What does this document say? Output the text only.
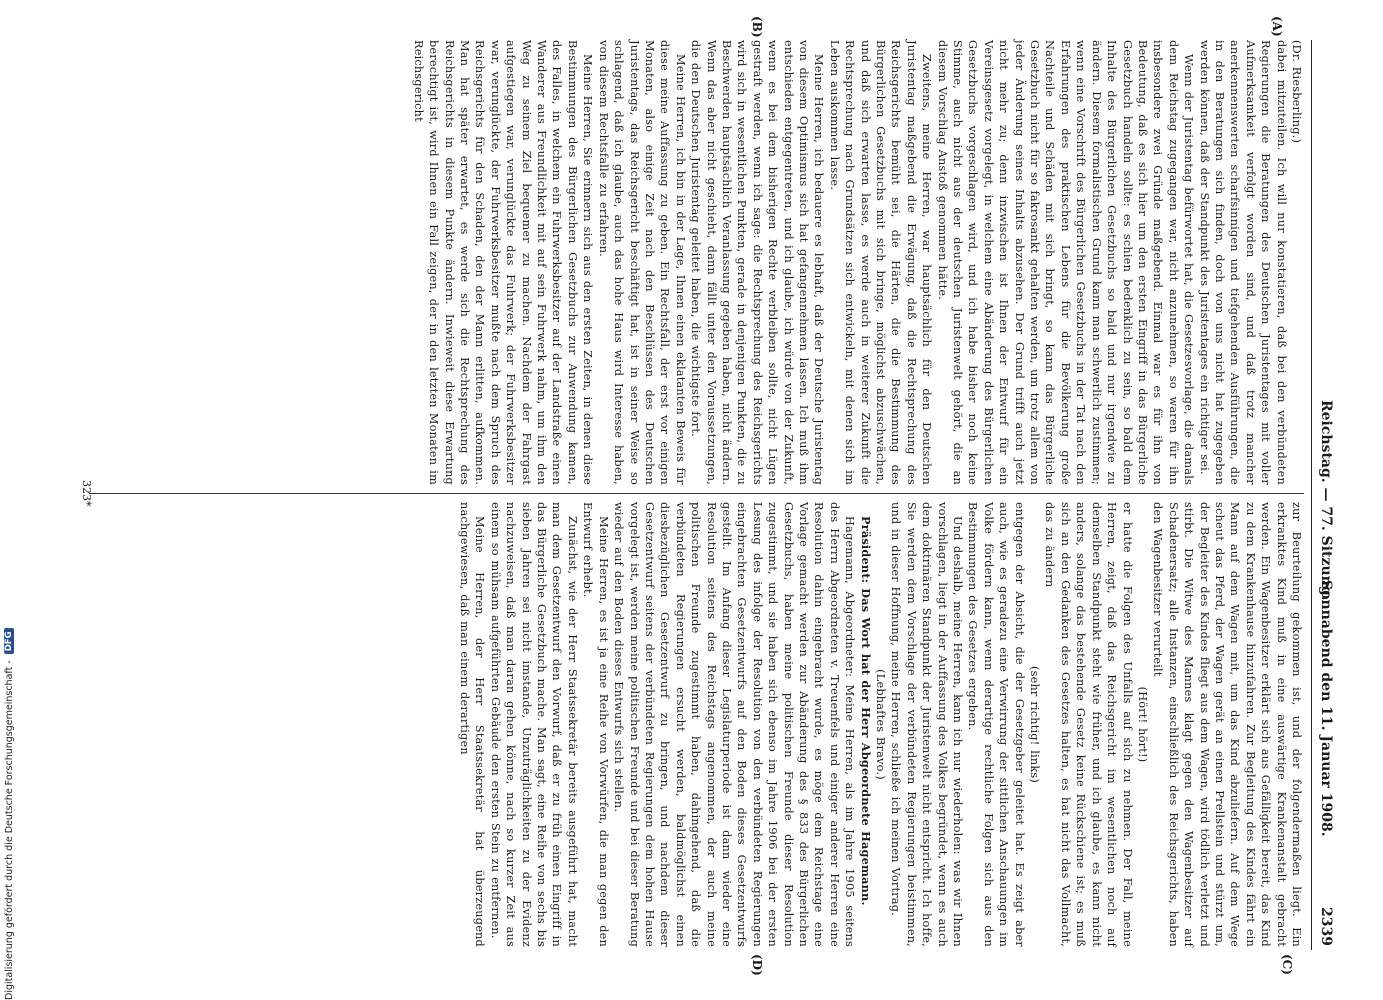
Reichstag. — 77. Sitzung.
Sonnabend den 11. Januar 1908.
2339
(A)
(B)
(C)
(D)

(Dr. Riesberling.)

dabei mitzuteilen. Ich will nur konstatieren, daß bei den verbündeten Regierungen die Beratungen des Deutschen Juristentages mit voller Aufmerksamkeit verfolgt worden sind, und daß trotz mancher anerkennenswerten scharfsinnigen und tiefgehenden Ausführungen, die in den Beratungen sich finden, doch von uns nicht hat zugegeben werden können, daß der Standpunkt des Juristentages ein richtiger sei.

Wenn der Juristentag befürwortet hat, die Gesetzesvorlage, die damals dem Reichstag zugegangen war, nicht anzunehmen, so waren für ihn insbesondere zwei Gründe maßgebend. Einmal war es für ihn von Bedeutung, daß es sich hier um den ersten Eingriff in das Bürgerliche Gesetzbuch handeln sollte: es schien bedenklich zu sein, so bald dem Inhalte des Bürgerlichen Gesetzbuchs so bald und nur irgendwie zu ändern. Diesem formalistischen Grund kann man schwerlich zustimmen; wenn eine Vorschrift des Bürgerlichen Gesetzbuchs in der Tat nach den Erfahrungen des praktischen Lebens für die Bevölkerung große Nachteile und Schäden mit sich bringt, so kann das Bürgerliche Gesetzbuch nicht für so fakrosankt gehalten werden, um trotz allem von jeder Änderung seines Inhalts abzusehen. Der Grund trifft auch jetzt nicht mehr zu; denn inzwischen ist Ihnen der Entwurf für ein Vereinsgesetz vorgelegt, in welchem eine Abänderung des Bürgerlichen Gesetzbuchs vorgeschlagen wird, und ich habe bisher noch keine Stimme, auch nicht aus der deutschen Juristenwelt gehört, die an diesem Vorschlag Anstoß genommen hätte.

Zweitens, meine Herren, war hauptsächlich für den Deutschen Juristentag maßgebend die Erwägung, daß die Rechtsprechung des Reichsgerichts bemüht sei, die Härten, die die Bestimmung des Bürgerlichen Gesetzbuchs mit sich bringe, möglichst abzuschwächen, und daß sich erwarten lasse, es werde auch in weiterer Zukunft die Rechtsprechung nach Grundsätzen sich entwickeln, mit denen sich im Leben auskommen lasse.

Meine Herren, ich bedauere es lebhaft, daß der Deutsche Juristentag von diesem Optimismus sich hat gefangennehmen lassen. Ich muß ihm entschieden entgegentreten, und ich glaube, ich würde von der Zukunft, wenn es bei dem bisherigen Rechte verbleiben sollte, nicht Lügen gestraft werden, wenn ich sage: die Rechtsprechung des Reichsgerichts wird sich in wesentlichen Punkten, gerade in denjenigen Punkten, die zu Beschwerden hauptsächlich Veranlassung gegeben haben, nicht ändern. Wenn das aber nicht geschieht, dann fällt unter den Voraussetzungen, die den Deutschen Juristentag geleitet haben, die wichtigste fort.

Meine Herren, ich bin in der Lage, Ihnen einen eklatanten Beweis für diese meine Auffassung zu geben. Ein Rechtsfall, der erst vor einigen Monaten, also einige Zeit nach den Beschlüssen des Deutschen Juristentags, das Reichsgericht beschäftigt hat, ist in seiner Weise so schlagend, daß ich glaube, auch das hohe Haus wird Interesse haben, von diesem Rechtsfalle zu erfahren.

Meine Herren, Sie erinnern sich aus den ersten Zeiten, in denen diese Bestimmungen des Bürgerlichen Gesetzbuchs zur Anwendung kamen, des Falles, in welchem ein Fuhrwerksbesitzer auf der Landstraße einen Wanderer aus Freundlichkeit mit auf sein Fuhrwerk nahm, um ihm den Weg zu seinem Ziel bequemer zu machen. Nachdem der Fahrgast aufgestiegen war, verunglückte das Fuhrwerk; der Fuhrwerksbesitzer war, verunglückte, der Fuhrwerksbesitzer mußte nach dem Spruch des Reichsgerichts für den Schaden, den der Mann erlitten, aufkommen. Man hat später erwartet, es werde sich die Rechtsprechung des Reichsgerichts in diesem Punkte ändern. Inwieweit diese Erwartung berechtigt ist, wird Ihnen ein Fall zeigen, der in den letzten Monaten im Reichsgericht

zur Beurteilung gekommen ist, und der folgendermaßen liegt. Ein erkranktes Kind muß in eine auswärtige Krankenanstalt gebracht werden. Ein Wagenbesitzer erklärt sich aus Gefälligkeit bereit, das Kind zu dem Krankenhause hinzufahren. Zur Begleitung des Kindes fährt ein Mann auf dem Wagen mit, um das Kind abzuliefern. Auf dem Wege scheut das Pferd, der Wagen gerät an einen Prellstein und stürzt um, der Begleiter des Kindes fliegt aus dem Wagen, wird tödlich verletzt und stirbt. Die Witwe des Mannes klagt gegen den Wagenbesitzer auf Schadenersatz; alle Instanzen, einschließlich des Reichsgerichts, haben den Wagenbesitzer verurteilt

(Hört! hört!)

er hatte die Folgen des Unfalls auf sich zu nehmen. Der Fall, meine Herren, zeigt, daß das Reichsgericht im wesentlichen noch auf demselben Standpunkt steht wie früher, und ich glaube, es kann nicht anders, solange das bestehende Gesetz keine Rückschiene ist; es muß sich an den Gedanken des Gesetzes halten, es hat nicht das Vollmacht, das zu ändern

(sehr richtig! links)

entgegen der Absicht, die der Gesetzgeber geleitet hat. Es zeigt aber auch, wie es geradezu eine Verwirrung der sittlichen Anschauungen im Volke fördern kann, wenn derartige rechtliche Folgen sich aus den Bestimmungen des Gesetzes ergeben.

Und deshalb, meine Herren, kann ich nur wiederholen: was wir Ihnen vorschlagen, liegt in der Auffassung des Volkes begründet, wenn es auch dem doktrinären Standpunkt der Juristenwelt nicht entspricht. Ich hoffe, Sie werden dem Vorschlage der verbündeten Regierungen beistimmen, und in dieser Hoffnung, meine Herren, schließe ich meinen Vortrag.

(Lebhaftes Bravo.)

Präsident: Das Wort hat der Herr Abgeordnete Hagemann.

Hagemann, Abgeordneter: Meine Herren, als im Jahre 1905 seitens des Herrn Abgeordneten v. Treuenfels und einiger anderer Herren eine Resolution dahin eingebracht wurde, es möge dem Reichstage eine Vorlage gemacht werden zur Abänderung des § 833 des Bürgerlichen Gesetzbuchs, haben meine politischen Freunde dieser Resolution zugestimmt, und sie haben sich ebenso im Jahre 1906 bei der ersten Lesung des infolge der Resolution von den verbündeten Regierungen eingebrachten Gesetzentwurfs auf den Boden dieses Gesetzentwurfs gestellt. Im Anfang dieser Legislaturperiode ist dann wieder eine Resolution seitens des Reichstags angenommen, der auch meine politischen Freunde zugestimmt haben, dahingehend, daß die verbündeten Regierungen ersucht werden, baldmöglichst einen diesbezüglichen Gesetzentwurf zu bringen, und nachdem dieser Gesetzentwurf seitens der verbündeten Regierungen dem hohen Hause vorgelegt ist, werden meine politischen Freunde und bei dieser Beratung wieder auf den Boden dieses Entwurfs sich stellen.

Meine Herren, es ist ja eine Reihe von Vorwürfen, die man gegen den Entwurf erhebt.

Zunächst, wie der Herr Staatssekretär bereits ausgeführt hat, macht man dem Gesetzentwurf den Vorwurf, daß er zu früh einen Eingriff in das Bürgerliche Gesetzbuch mache. Man sagt, eine Reihe von sechs bis sieben Jahren sei nicht imstande, Unzuträglichkeiten zu der Evidenz nachzuweisen, daß man daran gehen könne, nach so kurzer Zeit aus einem so mühsam aufgeführten Gebäude den ersten Stein zu entfernen.

Meine Herren, der Herr Staatssekretär hat überzeugend nachgewiesen, daß man einem derartigen

323*
Digitalisierung gefördert durch die Deutsche Forschungsgemeinschaft -
DFG
